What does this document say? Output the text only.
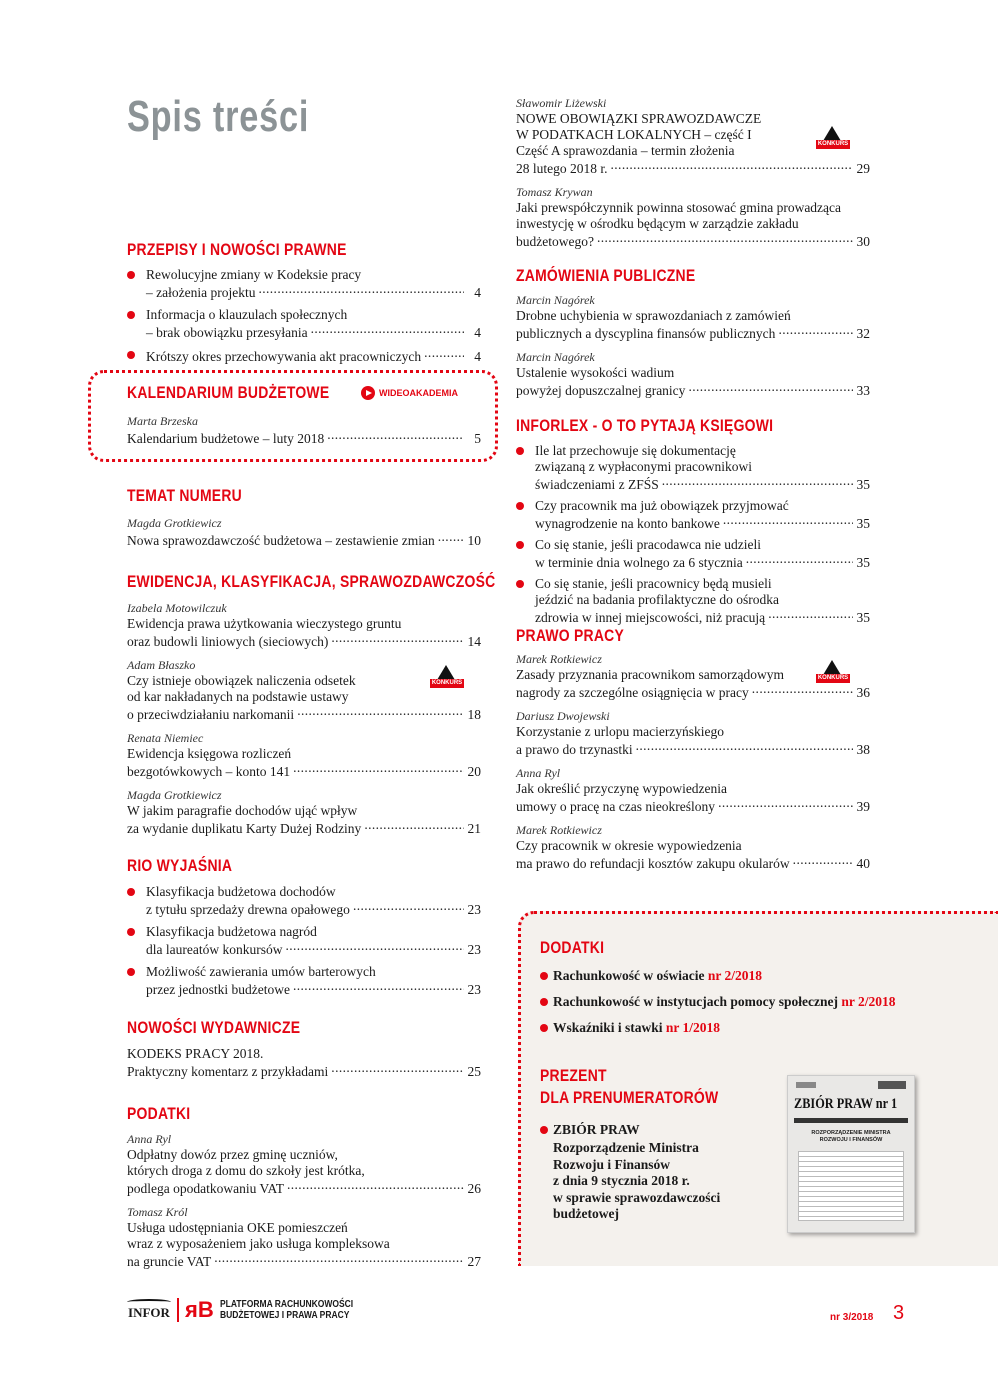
Spis treści
PRZEPISY I NOWOŚCI PRAWNE
Rewolucyjne zmiany w Kodeksie pracy
– założenia projektu .....	4
Informacja o klauzulach społecznych
– brak obowiązku przesyłania .....	4
Krótszy okres przechowywania akt pracowniczych .....	4
WIDEOAKADEMIA
KALENDARIUM BUDŻETOWE
Marta Brzeska
Kalendarium budżetowe – luty 2018 .....	5
TEMAT NUMERU
Magda Grotkiewicz
Nowa sprawozdawczość budżetowa – zestawienie zmian ..... 10
EWIDENCJA, KLASYFIKACJA, SPRAWOZDAWCZOŚĆ
Izabela Motowilczuk
Ewidencja prawa użytkowania wieczystego gruntu
oraz budowli liniowych (sieciowych) .....	14
Adam Błaszko
Czy istnieje obowiązek naliczenia odsetek
od kar nakładanych na podstawie ustawy
o przeciwdziałaniu narkomanii .....	18
Renata Niemiec
Ewidencja księgowa rozliczeń
bezgotówkowych – konto 141 .....	20
Magda Grotkiewicz
W jakim paragrafie dochodów ująć wpływ
za wydanie duplikatu Karty Dużej Rodziny .....	21
KONKURS
RIO WYJAŚNIA
Klasyfikacja budżetowa dochodów
z tytułu sprzedaży drewna opałowego .....	23
Klasyfikacja budżetowa nagród
dla laureatów konkursów .....	23
Możliwość zawierania umów barterowych
przez jednostki budżetowe .....	23
NOWOŚCI WYDAWNICZE
KODEKS PRACY 2018.
Praktyczny komentarz z przykładami .....	25
PODATKI
Anna Ryl
Odpłatny dowóz przez gminę uczniów,
których droga z domu do szkoły jest krótka,
podlega opodatkowaniu VAT .....	26
Tomasz Król
Usługa udostępniania OKE pomieszczeń
wraz z wyposażeniem jako usługa kompleksowa
na gruncie VAT .....	27
Sławomir Liżewski
NOWE OBOWIĄZKI SPRAWOZDAWCZE
W PODATKACH LOKALNYCH – część I
Część A sprawozdania – termin złożenia
28 lutego 2018 r. .....	29
Tomasz Krywan
Jaki prewspółczynnik powinna stosować gmina prowadząca
inwestycję w ośrodku będącym w zarządzie zakładu
budżetowego? .....	30
KONKURS
ZAMÓWIENIA PUBLICZNE
Marcin Nagórek
Drobne uchybienia w sprawozdaniach z zamówień
publicznych a dyscyplina finansów publicznych .....	32
Marcin Nagórek
Ustalenie wysokości wadium
powyżej dopuszczalnej granicy .....	33
INFORLEX - O TO PYTAJĄ KSIĘGOWI
Ile lat przechowuje się dokumentację
związaną z wypłaconymi pracownikowi
świadczeniami z ZFŚS .....	35
Czy pracownik ma już obowiązek przyjmować
wynagrodzenie na konto bankowe .....	35
Co się stanie, jeśli pracodawca nie udzieli
w terminie dnia wolnego za 6 stycznia .....	35
Co się stanie, jeśli pracownicy będą musieli
jeździć na badania profilaktyczne do ośrodka
zdrowia w innej miejscowości, niż pracują .....	35
PRAWO PRACY
Marek Rotkiewicz
Zasady przyznania pracownikom samorządowym
nagrody za szczególne osiągnięcia w pracy .....	36
Dariusz Dwojewski
Korzystanie z urlopu macierzyńskiego
a prawo do trzynastki .....	38
Anna Ryl
Jak określić przyczynę wypowiedzenia
umowy o pracę na czas nieokreślony .....	39
Marek Rotkiewicz
Czy pracownik w okresie wypowiedzenia
ma prawo do refundacji kosztów zakupu okularów .....	40
KONKURS
DODATKI
Rachunkowość w oświacie nr 2/2018
Rachunkowość w instytucjach pomocy społecznej nr 2/2018
Wskaźniki i stawki nr 1/2018
PREZENT
DLA PRENUMERATORÓW
ZBIÓR PRAW
Rozporządzenie Ministra
Rozwoju i Finansów
z dnia 9 stycznia 2018 r.
w sprawie sprawozdawczości
budżetowej
ZBIÓR PRAW nr 1
ROZPORZĄDZENIE MINISTRA ROZWOJU I FINANSÓW
INFOR ᴙB PLATFORMA RACHUNKOWOŚCI
BUDŻETOWEJ I PRAWA PRACY	nr 3/2018 3
